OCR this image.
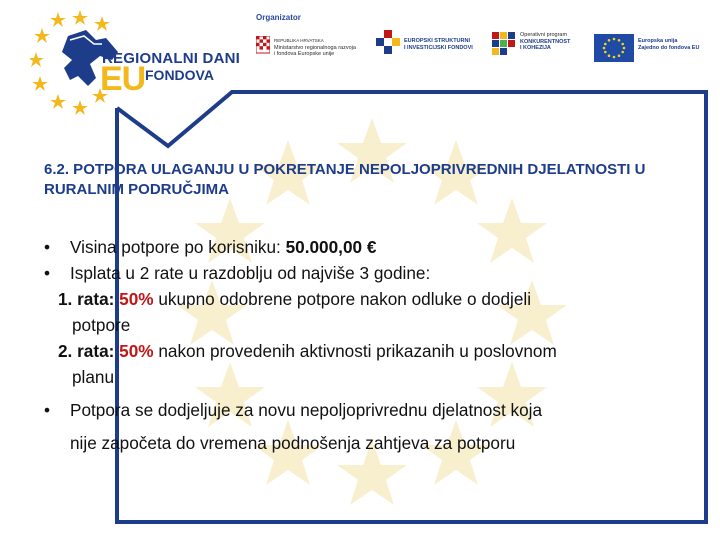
REGIONALNI DANI
EU FONDOVA
Organizator
REPUBLIKA HRVATSKA
Ministarstvo regionalnoga razvoja
i fondova Europske unije
EUROPSKI STRUKTURNI
I INVESTICIJSKI FONDOVI
Operativni program
KONKURENTNOST
I KOHEZIJA
Europska unija
Zajedno do fondova EU
6.2. POTPORA ULAGANJU U POKRETANJE NEPOLJOPRIVREDNIH DJELATNOSTI U RURALNIM PODRUČJIMA
•	Visina potpore po korisniku: 50.000,00 €
•	Isplata u 2 rate u razdoblju od najviše 3 godine:
1. rata: 50% ukupno odobrene potpore nakon odluke o dodjeli
potpore
2. rata: 50% nakon provedenih aktivnosti prikazanih u poslovnom
planu
•	Potpora se dodjeljuje za novu nepoljoprivrednu djelatnost koja
nije započeta do vremena podnošenja zahtjeva za potporu
